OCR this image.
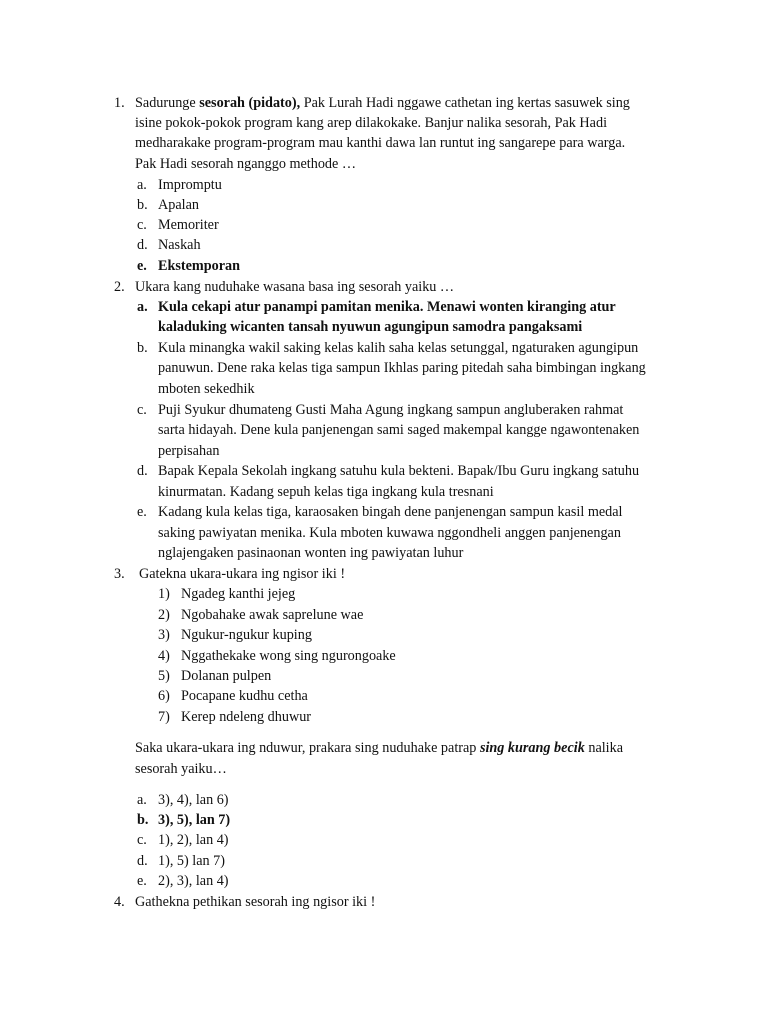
1. Sadurunge sesorah (pidato), Pak Lurah Hadi nggawe cathetan ing kertas sasuwek sing
isine pokok-pokok program kang arep dilakokake. Banjur nalika sesorah, Pak Hadi
medharakake program-program mau kanthi dawa lan runtut ing sangarepe para warga.
Pak Hadi sesorah nganggo methode …
a. Impromptu
b. Apalan
c. Memoriter
d. Naskah
e. Ekstemporan
2. Ukara kang nuduhake wasana basa ing sesorah yaiku …
a. Kula cekapi atur panampi pamitan menika. Menawi wonten kiranging atur
kaladuking wicanten tansah nyuwun agungipun samodra pangaksami
b. Kula minangka wakil saking kelas kalih saha kelas setunggal, ngaturaken agungipun
panuwun. Dene raka kelas tiga sampun Ikhlas paring pitedah saha bimbingan ingkang
mboten sekedhik
c. Puji Syukur dhumateng Gusti Maha Agung ingkang sampun angluberaken rahmat
sarta hidayah. Dene kula panjenengan sami saged makempal kangge ngawontenaken
perpisahan
d. Bapak Kepala Sekolah ingkang satuhu kula bekteni. Bapak/Ibu Guru ingkang satuhu
kinurmatan. Kadang sepuh kelas tiga ingkang kula tresnani
e. Kadang kula kelas tiga, karaosaken bingah dene panjenengan sampun kasil medal
saking pawiyatan menika. Kula mboten kuwawa nggondheli anggen panjenengan
nglajengaken pasinaonan wonten ing pawiyatan luhur
3. Gatekna ukara-ukara ing ngisor iki !
1) Ngadeg kanthi jejeg
2) Ngobahake awak saprelune wae
3) Ngukur-ngukur kuping
4) Nggathekake wong sing ngurongoake
5) Dolanan pulpen
6) Pocapane kudhu cetha
7) Kerep ndeleng dhuwur
Saka ukara-ukara ing nduwur, prakara sing nuduhake patrap sing kurang becik nalika
sesorah yaiku…
a. 3), 4), lan 6)
b. 3), 5), lan 7)
c. 1), 2), lan 4)
d. 1), 5) lan 7)
e. 2), 3), lan 4)
4. Gathekna pethikan sesorah ing ngisor iki !
